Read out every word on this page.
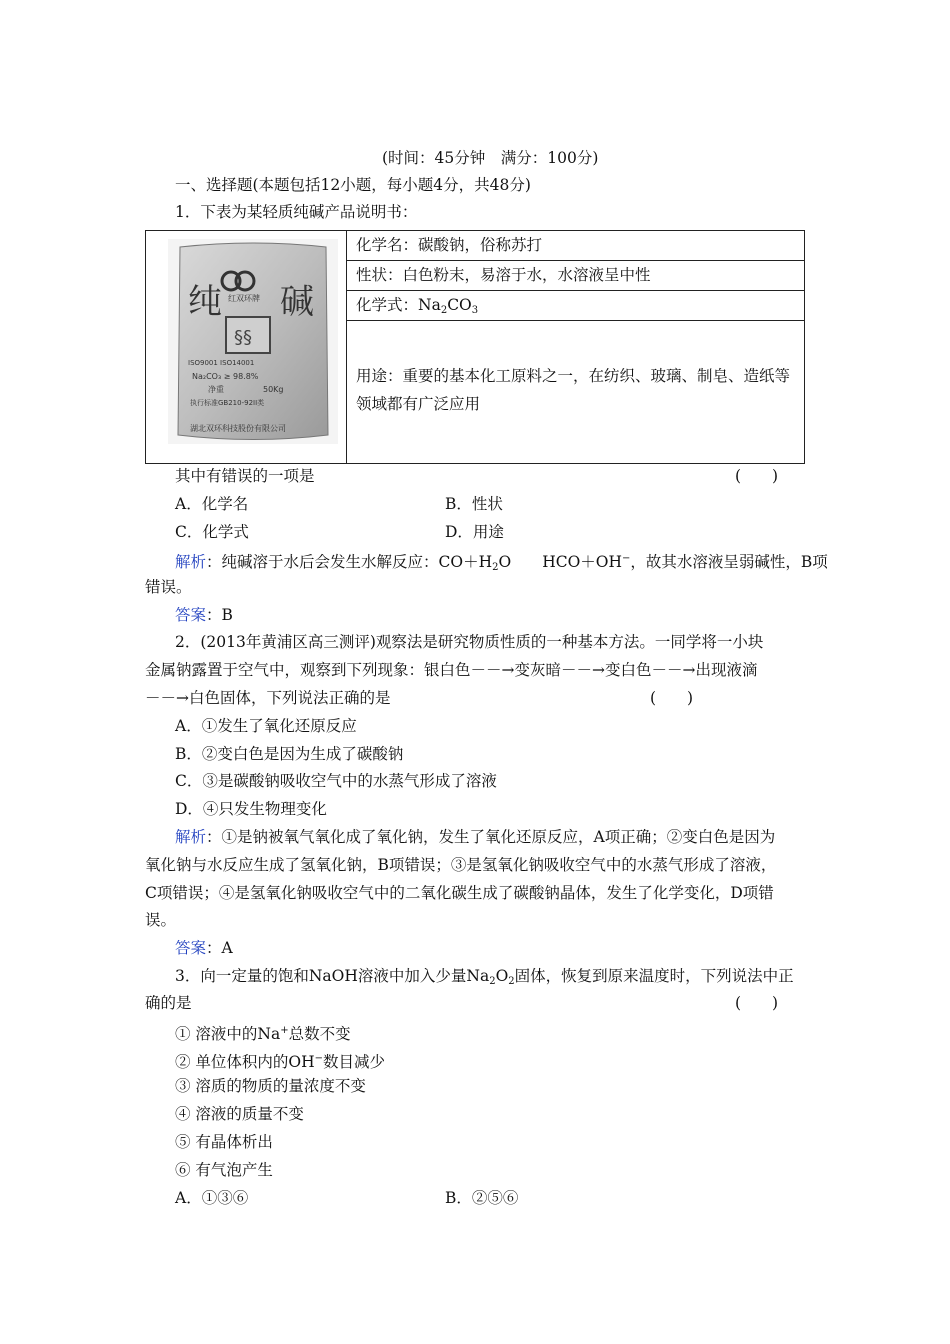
(时间：45分钟　满分：100分)
一、选择题(本题包括12小题，每小题4分，共48分)
1．下表为某轻质纯碱产品说明书：
纯 碱
红双环牌
§§
ISO9001 ISO14001
Na₂CO₃ ≥ 98.8%
50Kg
净重
执行标准GB210-92II类
湖北双环科技股份有限公司
化学名：碳酸钠，俗称苏打
性状：白色粉末，易溶于水，水溶液呈中性
化学式：$Na_2CO_3$
用途：重要的基本化工原料之一，在纺织、玻璃、制皂、造纸等
领域都有广泛应用
其中有错误的一项是	(　　)
A．化学名	B．性状
C．化学式	D．用途
解析：纯碱溶于水后会发生水解反应：$CO+H_2O$　　HCO＋OH−，故其水溶液呈弱碱性，B项
错误。
答案：B
2．(2013年黄浦区高三测评)观察法是研究物质性质的一种基本方法。一同学将一小块
金属钠露置于空气中，观察到下列现象：银白色－－→变灰暗－－→变白色－－→出现液滴
－－→白色固体，下列说法正确的是	(　　)
A．①发生了氧化还原反应
B．②变白色是因为生成了碳酸钠
C．③是碳酸钠吸收空气中的水蒸气形成了溶液
D．④只发生物理变化
解析：①是钠被氧气氧化成了氧化钠，发生了氧化还原反应，A项正确；②变白色是因为
氧化钠与水反应生成了氢氧化钠，B项错误；③是氢氧化钠吸收空气中的水蒸气形成了溶液，
C项错误；④是氢氧化钠吸收空气中的二氧化碳生成了碳酸钠晶体，发生了化学变化，D项错
误。
答案：A
3．向一定量的饱和NaOH溶液中加入少量$Na_2O_2$固体，恢复到原来温度时，下列说法中正
确的是	(　　)
① 溶液中的Na+总数不变
② 单位体积内的OH−数目减少
③ 溶质的物质的量浓度不变
④ 溶液的质量不变
⑤ 有晶体析出
⑥ 有气泡产生
A．①③⑥	B．②⑤⑥
